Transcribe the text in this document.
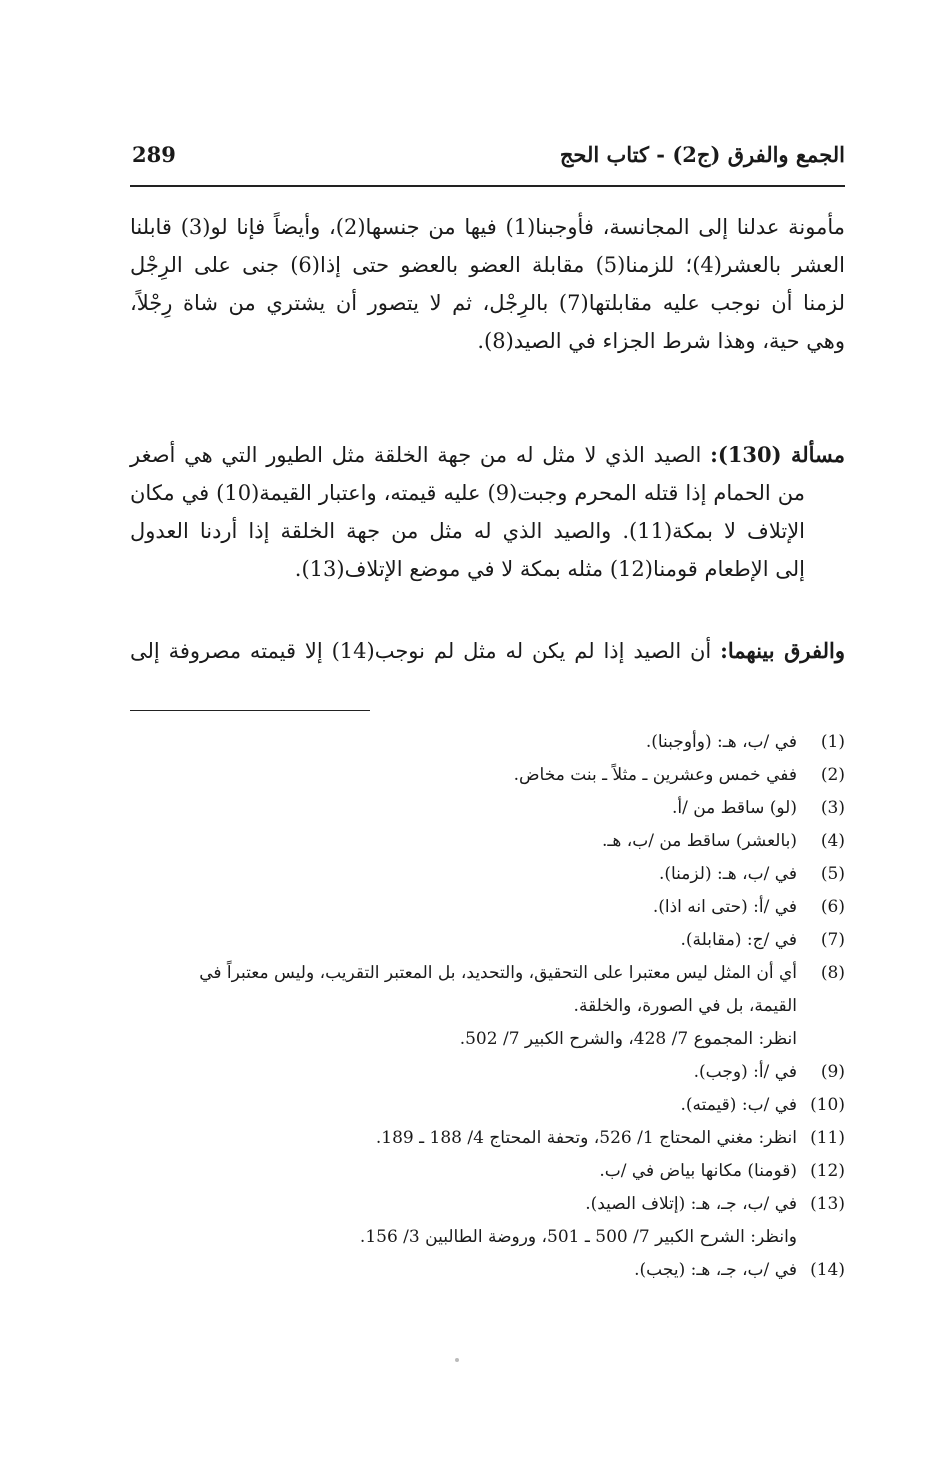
الجمع والفرق (ج2) - كتاب الحج
289
مأمونة عدلنا إلى المجانسة، فأوجبنا(1) فيها من جنسها(2)، وأيضاً فإنا لو(3) قابلنا
العشر بالعشر(4)؛ للزمنا(5) مقابلة العضو بالعضو حتى إذا(6) جنى على الرِجْل
لزمنا أن نوجب عليه مقابلتها(7) بالرِجْل، ثم لا يتصور أن يشتري من شاة رِجْلاً،
وهي حية، وهذا شرط الجزاء في الصيد(8).
مسألة (130): الصيد الذي لا مثل له من جهة الخلقة مثل الطيور التي هي أصغر
من الحمام إذا قتله المحرم وجبت(9) عليه قيمته، واعتبار القيمة(10) في مكان
الإتلاف لا بمكة(11). والصيد الذي له مثل من جهة الخلقة إذا أردنا العدول
إلى الإطعام قومنا(12) مثله بمكة لا في موضع الإتلاف(13).
والفرق بينهما: أن الصيد إذا لم يكن له مثل لم نوجب(14) إلا قيمته مصروفة إلى
(1)
في /ب، هـ: (وأوجبنا).
(2)
ففي خمس وعشرين ـ مثلاً ـ بنت مخاض.
(3)
(لو) ساقط من /أ.
(4)
(بالعشر) ساقط من /ب، هـ.
(5)
في /ب، هـ: (لزمنا).
(6)
في /أ: (حتى انه اذا).
(7)
في /ج: (مقابلة).
(8)
أي أن المثل ليس معتبرا على التحقيق، والتحديد، بل المعتبر التقريب، وليس معتبراً في
القيمة، بل في الصورة، والخلقة.
انظر: المجموع 7/ 428، والشرح الكبير 7/ 502.
(9)
في /أ: (وجب).
(10)
في /ب: (قيمته).
(11)
انظر: مغني المحتاج 1/ 526، وتحفة المحتاج 4/ 188 ـ 189.
(12)
(قومنا) مكانها بياض في /ب.
(13)
في /ب، جـ، هـ: (إتلاف الصيد).
وانظر: الشرح الكبير 7/ 500 ـ 501، وروضة الطالبين 3/ 156.
(14)
في /ب، جـ، هـ: (يجب).
